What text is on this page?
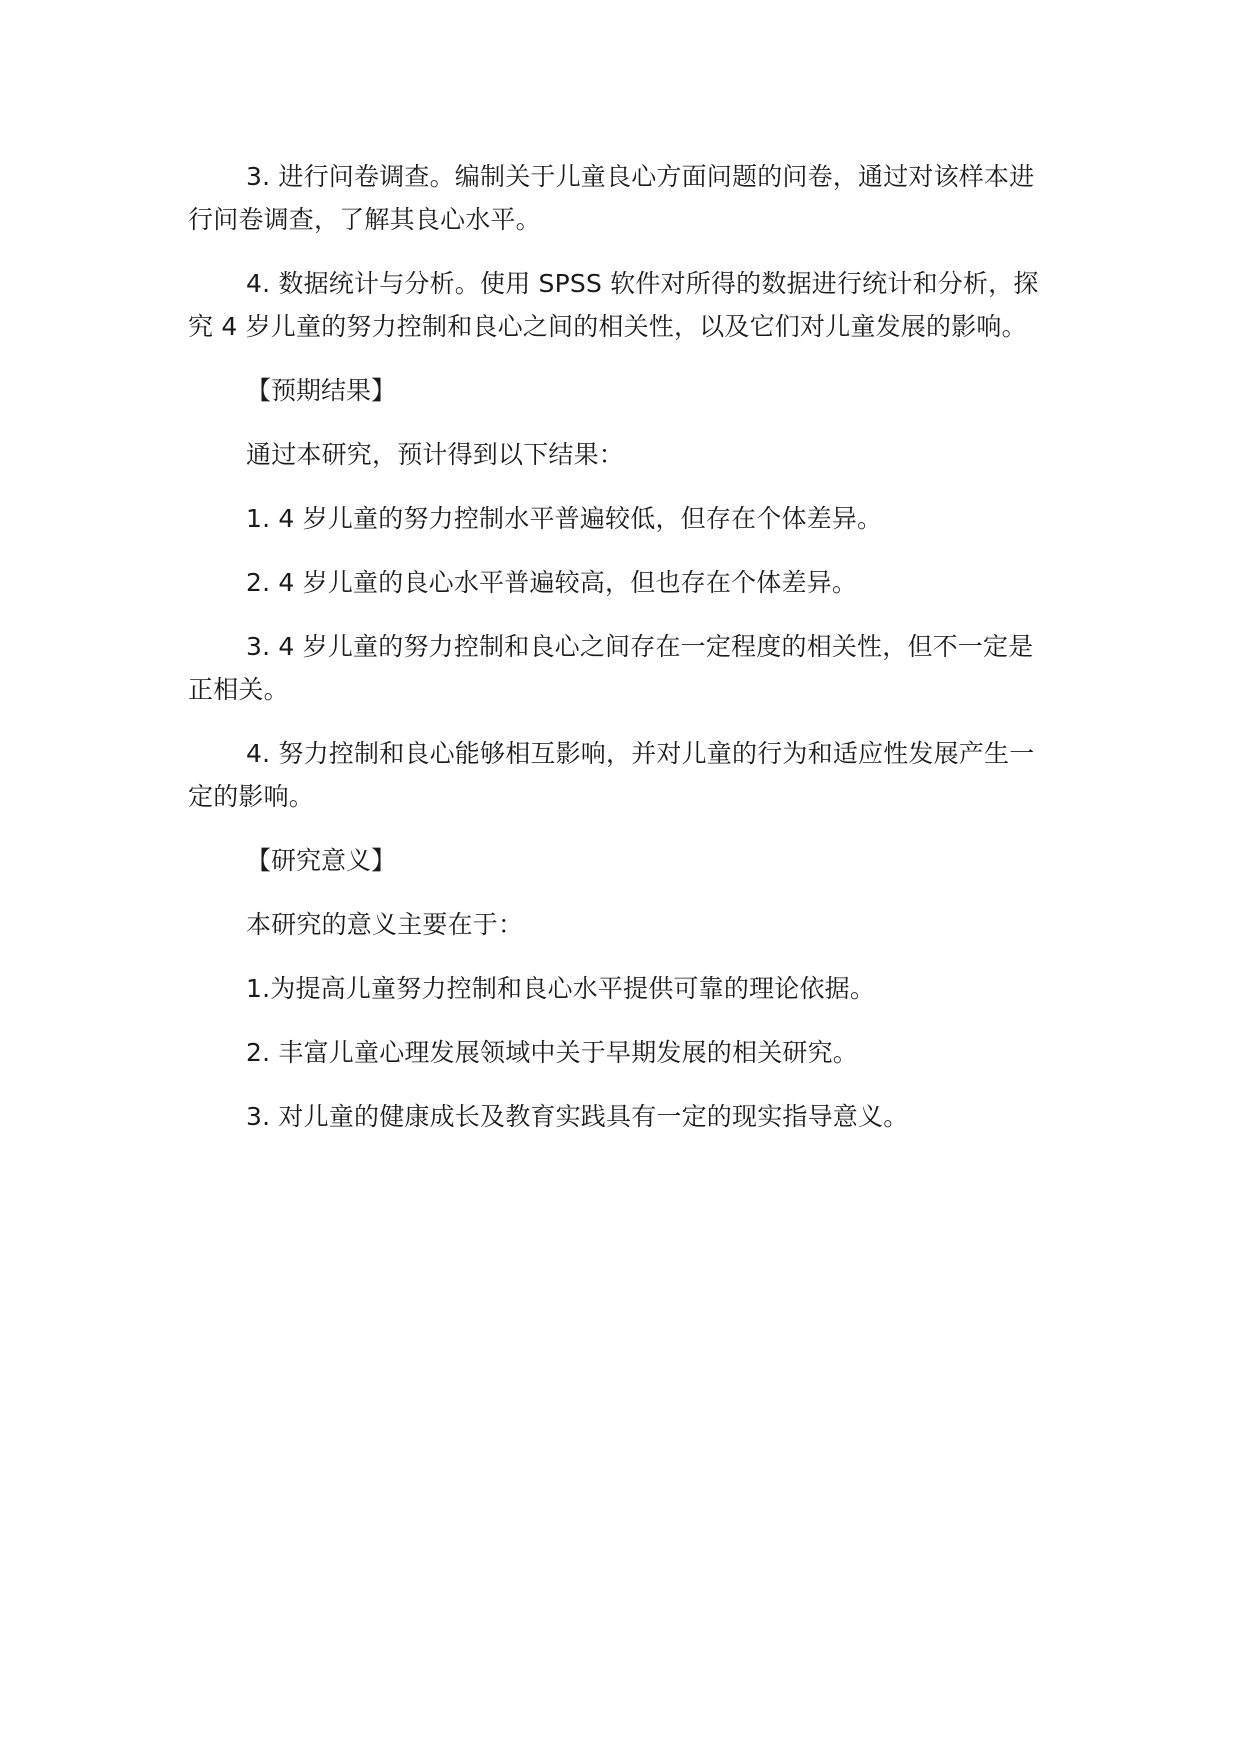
3. 进行问卷调查。编制关于儿童良心方面问题的问卷，通过对该样本进行问卷调查，了解其良心水平。

4. 数据统计与分析。使用 SPSS 软件对所得的数据进行统计和分析，探究 4 岁儿童的努力控制和良心之间的相关性，以及它们对儿童发展的影响。

【预期结果】

通过本研究，预计得到以下结果：

1. 4 岁儿童的努力控制水平普遍较低，但存在个体差异。

2. 4 岁儿童的良心水平普遍较高，但也存在个体差异。

3. 4 岁儿童的努力控制和良心之间存在一定程度的相关性，但不一定是正相关。

4. 努力控制和良心能够相互影响，并对儿童的行为和适应性发展产生一定的影响。

【研究意义】

本研究的意义主要在于：

1.为提高儿童努力控制和良心水平提供可靠的理论依据。

2. 丰富儿童心理发展领域中关于早期发展的相关研究。

3. 对儿童的健康成长及教育实践具有一定的现实指导意义。
